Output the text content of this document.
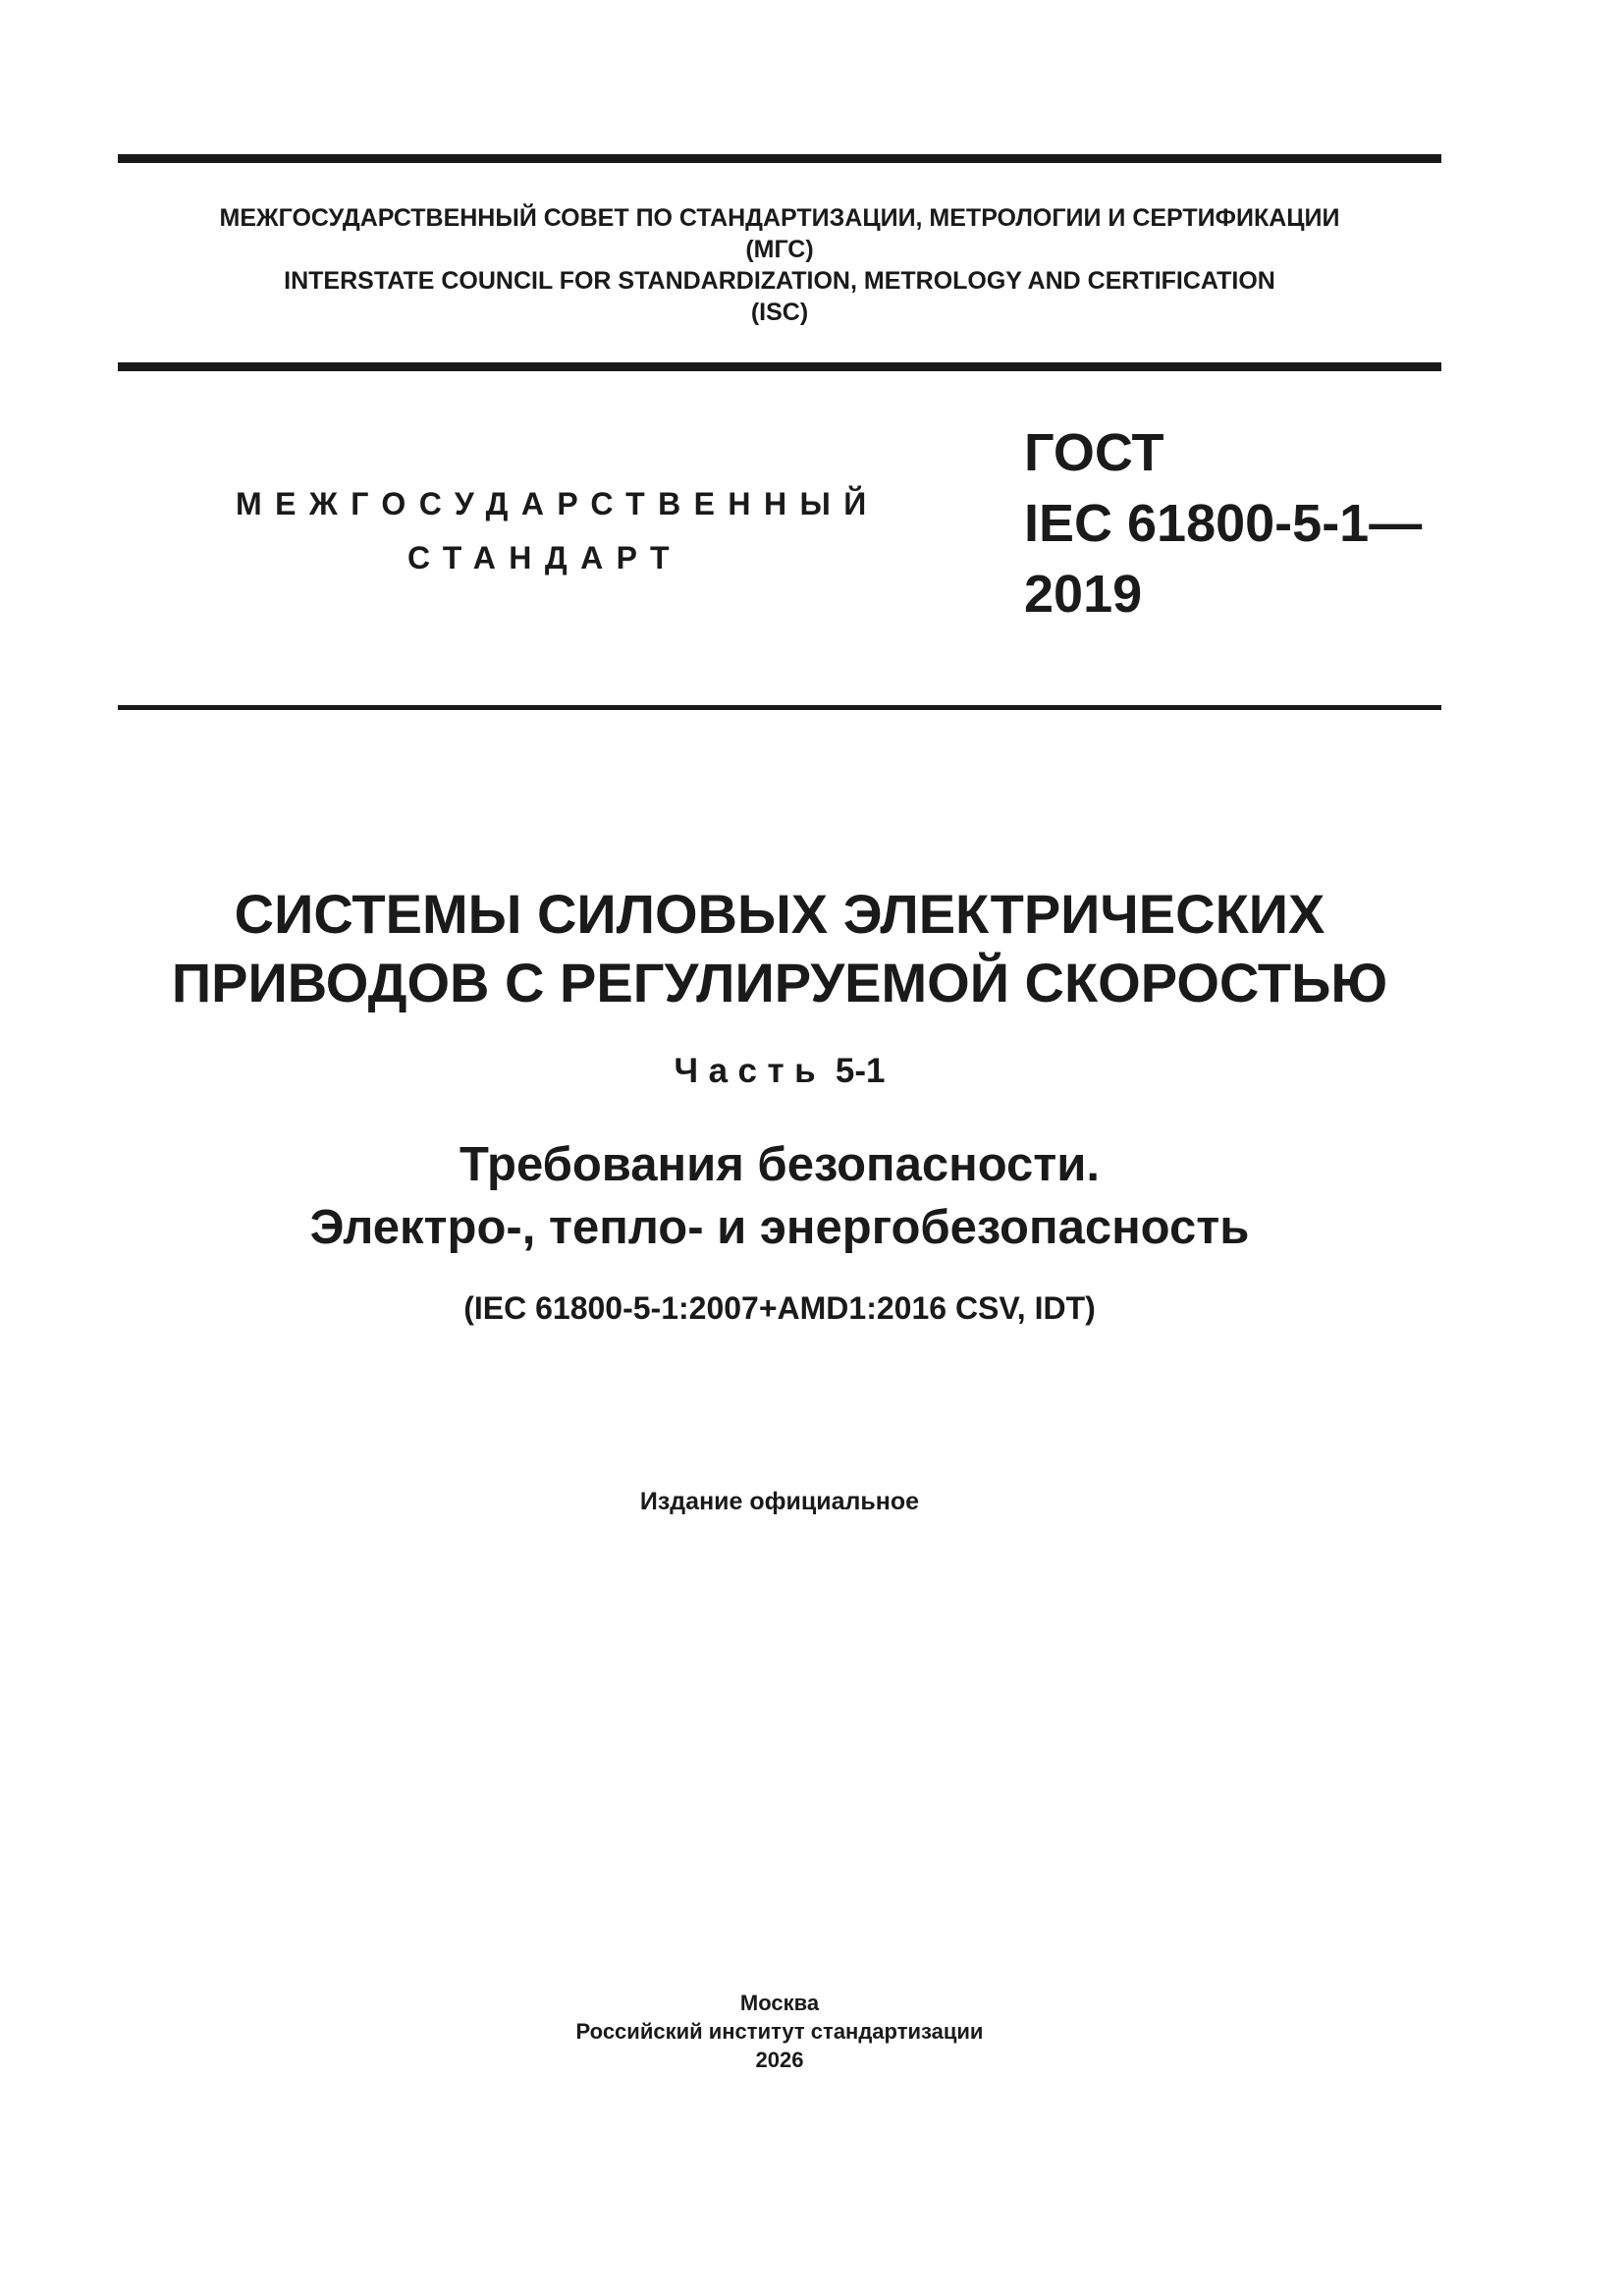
МЕЖГОСУДАРСТВЕННЫЙ СОВЕТ ПО СТАНДАРТИЗАЦИИ, МЕТРОЛОГИИ И СЕРТИФИКАЦИИ
(МГС)
INTERSTATE COUNCIL FOR STANDARDIZATION, METROLOGY AND CERTIFICATION
(ISC)
МЕЖГОСУДАРСТВЕННЫЙ
СТАНДАРТ
ГОСТ
IEC 61800-5-1—
2019
СИСТЕМЫ СИЛОВЫХ ЭЛЕКТРИЧЕСКИХ
ПРИВОДОВ С РЕГУЛИРУЕМОЙ СКОРОСТЬЮ
Часть 5-1
Требования безопасности.
Электро-, тепло- и энергобезопасность
(IEC 61800-5-1:2007+AMD1:2016 CSV, IDT)
Издание официальное
Москва
Российский институт стандартизации
2026
